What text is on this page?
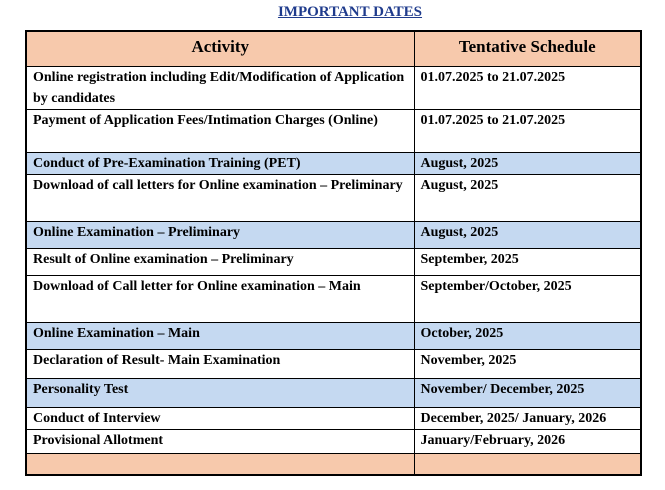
IMPORTANT DATES
Activity	Tentative Schedule
Online registration including Edit/Modification of Application by candidates	01.07.2025 to 21.07.2025
Payment of Application Fees/Intimation Charges (Online)	01.07.2025 to 21.07.2025
Conduct of Pre-Examination Training (PET)	August, 2025
Download of call letters for Online examination – Preliminary	August, 2025
Online Examination – Preliminary	August, 2025
Result of Online examination – Preliminary	September, 2025
Download of Call letter for Online examination – Main	September/October, 2025
Online Examination – Main	October, 2025
Declaration of Result- Main Examination	November, 2025
Personality Test	November/ December, 2025
Conduct of Interview	December, 2025/ January, 2026
Provisional Allotment	January/February, 2026
